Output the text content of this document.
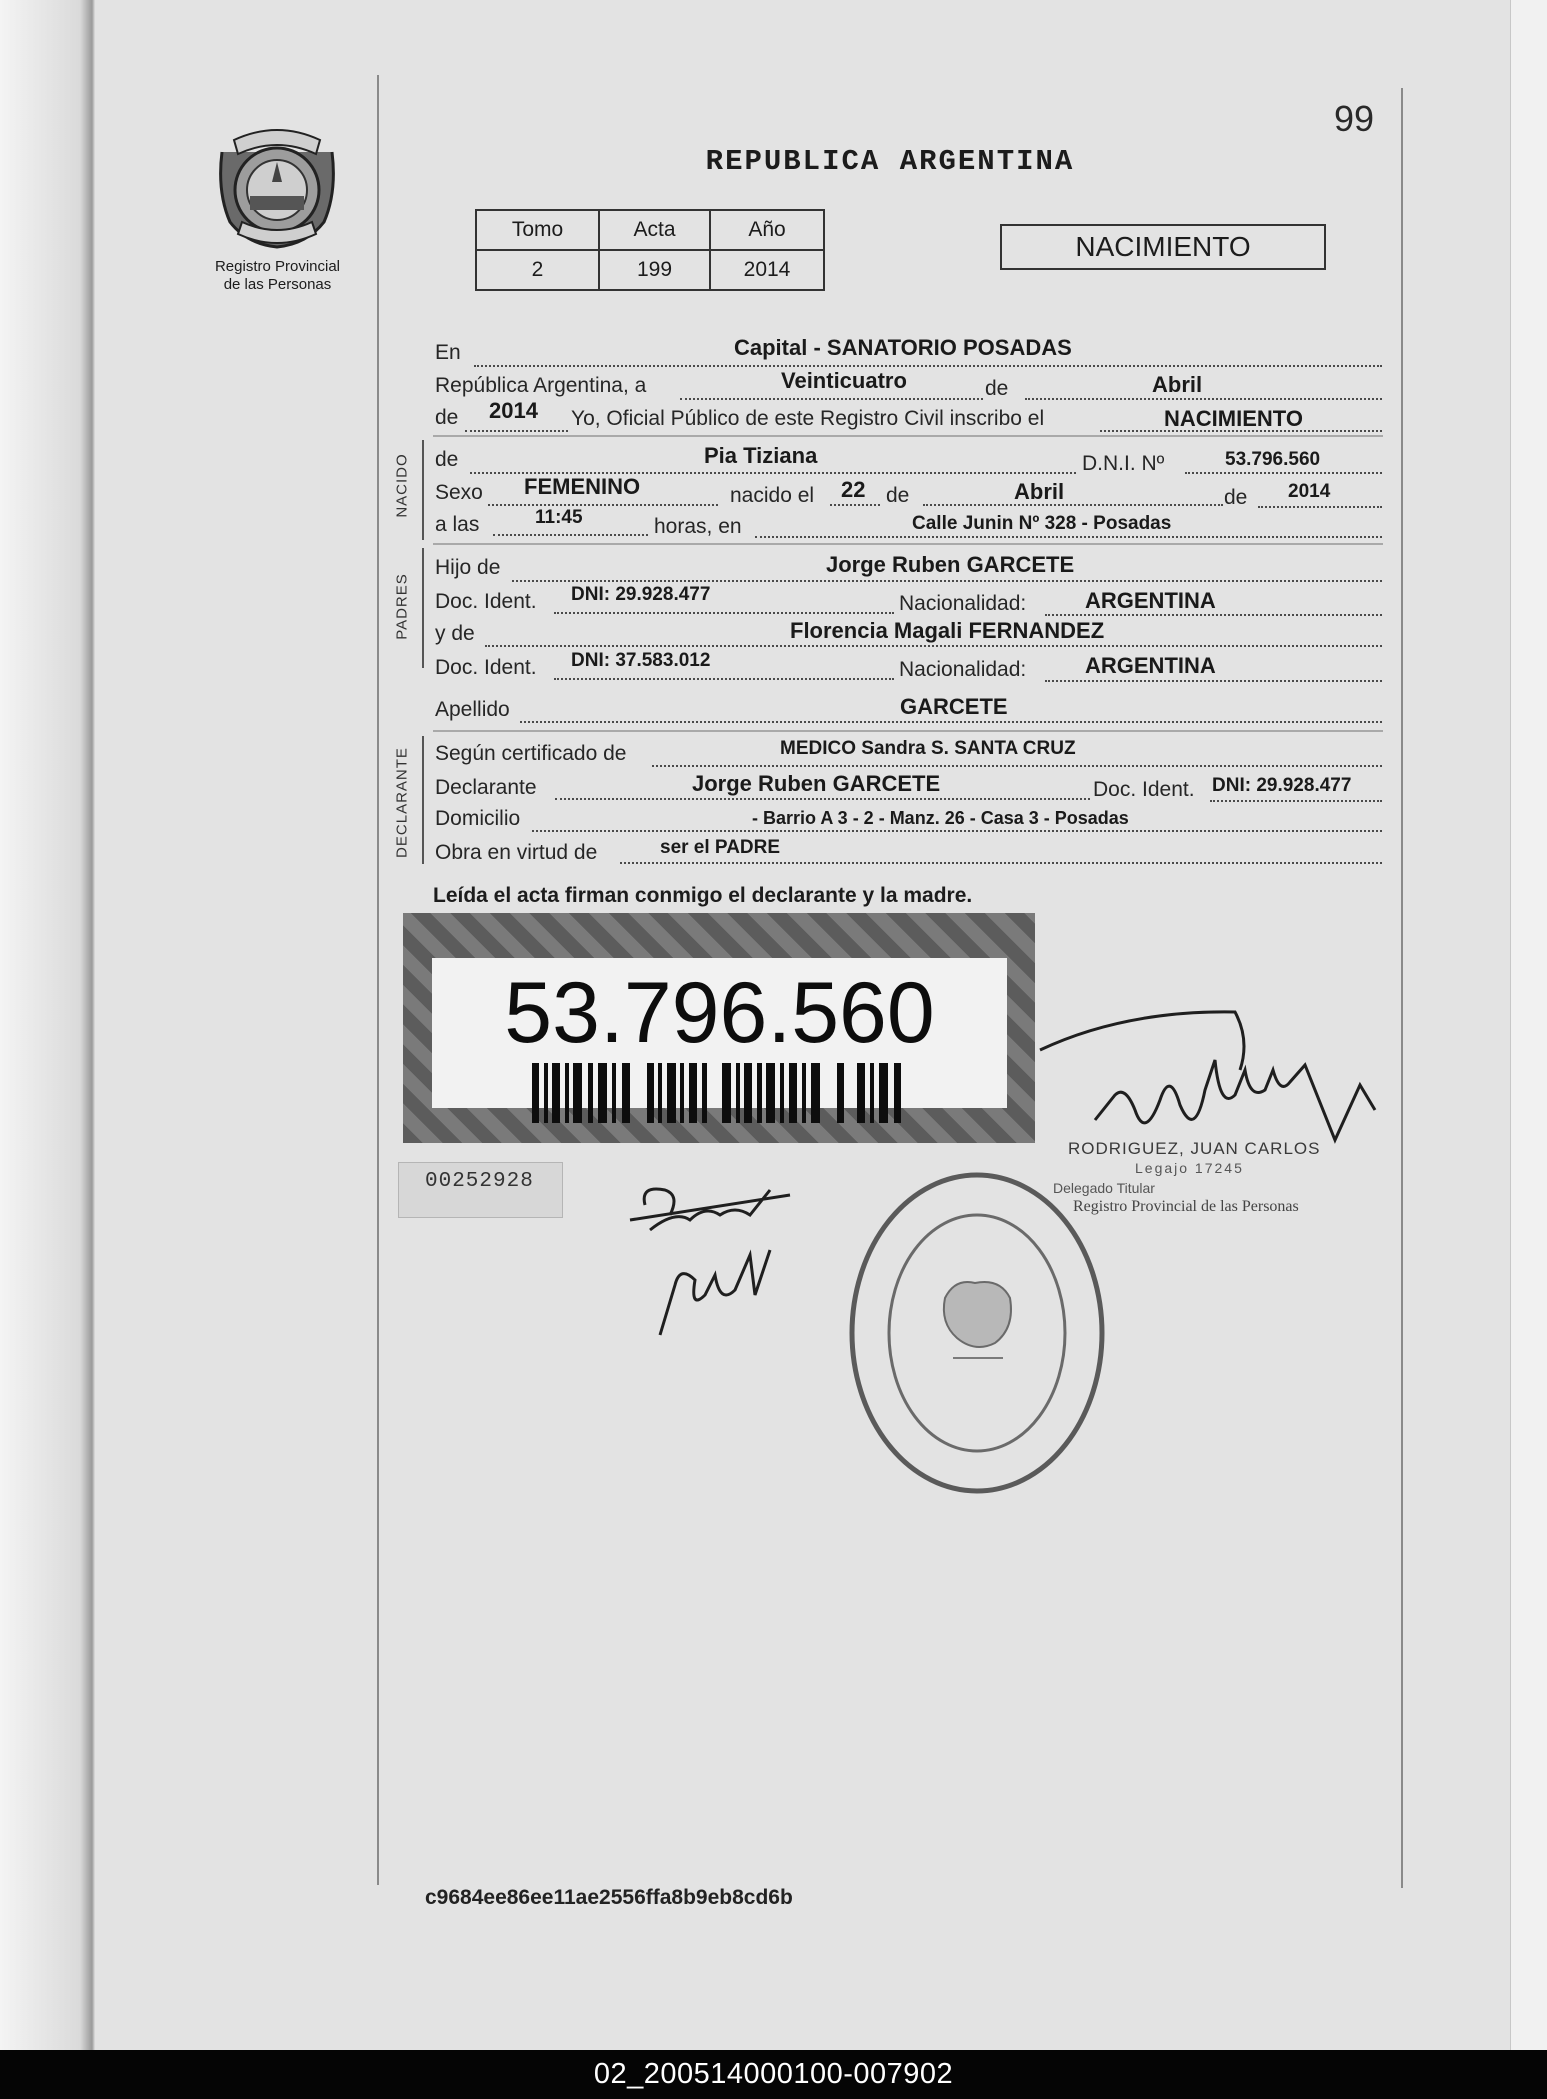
99
REPUBLICA ARGENTINA
Registro Provincial
de las Personas
Tomo	Acta	Año
2	199	2014
NACIMIENTO
NACIDO
PADRES
DECLARANTE
En	Capital - SANATORIO POSADAS
República Argentina, a	Veinticuatro	de	Abril
de 2014 Yo, Oficial Público de este Registro Civil inscribo el	NACIMIENTO
de	Pia Tiziana	D.N.I. Nº	53.796.560
Sexo FEMENINO	nacido el 22 de	Abril	de 2014
a las	11:45	horas, en	Calle Junin Nº 328 - Posadas
Hijo de	Jorge Ruben GARCETE
Doc. Ident. DNI: 29.928.477	Nacionalidad:	ARGENTINA
y de	Florencia Magali FERNANDEZ
Doc. Ident. DNI: 37.583.012	Nacionalidad:	ARGENTINA
Apellido	GARCETE
Según certificado de	MEDICO Sandra S. SANTA CRUZ
Declarante	Jorge Ruben GARCETE	Doc. Ident. DNI: 29.928.477
Domicilio	- Barrio A 3 - 2 - Manz. 26 - Casa 3 - Posadas
Obra en virtud de	ser el PADRE
Leída el acta firman conmigo el declarante y la madre.
53.796.560
00252928
RODRIGUEZ, JUAN CARLOS
Legajo 17245
Delegado Titular
Registro Provincial de las Personas
c9684ee86ee11ae2556ffa8b9eb8cd6b
02_200514000100-007902
